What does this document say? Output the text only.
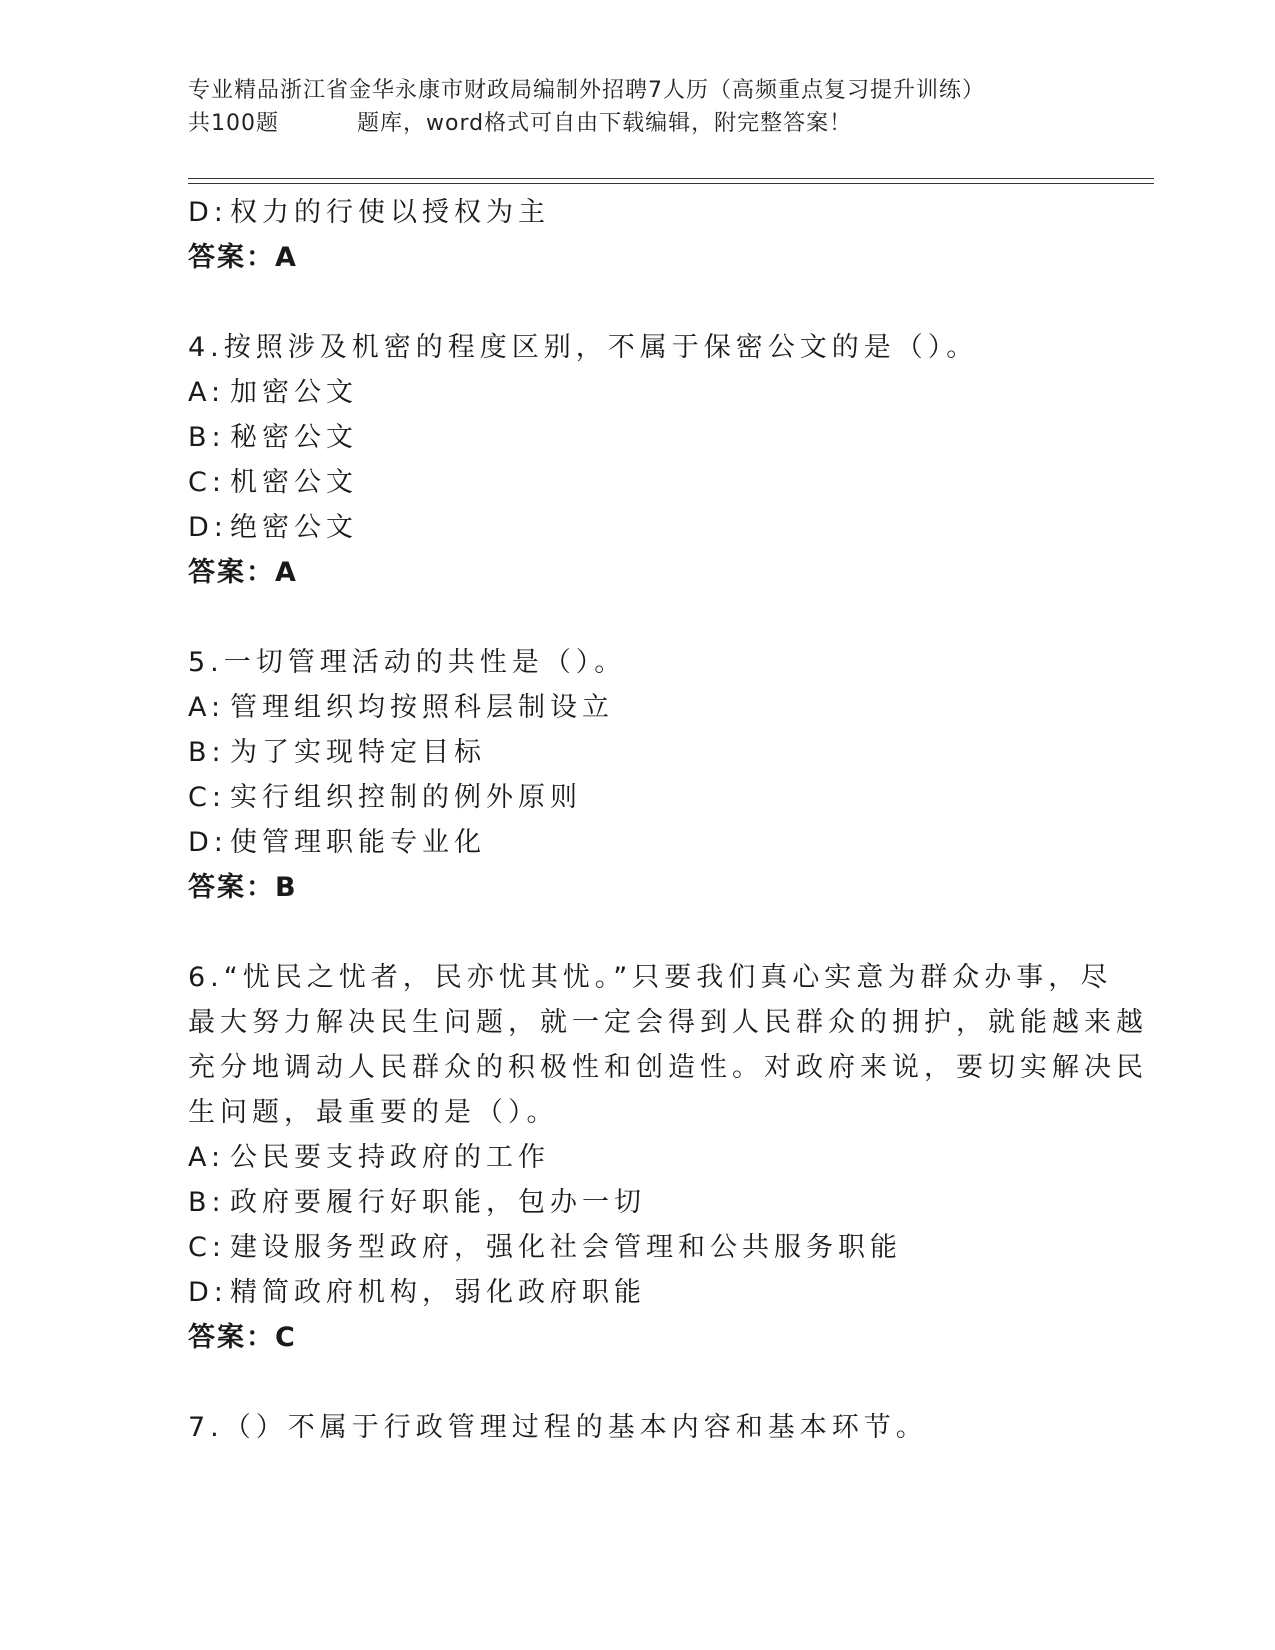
专业精品浙江省金华永康市财政局编制外招聘7人历（高频重点复习提升训练）
共100题	题库，word格式可自由下载编辑，附完整答案！
D:权力的行使以授权为主
答案：A
4.按照涉及机密的程度区别，不属于保密公文的是（）。
A: 加密公文
B: 秘密公文
C: 机密公文
D:绝密公文
答案：A
5.一切管理活动的共性是（）。
A: 管理组织均按照科层制设立
B: 为了实现特定目标
C: 实行组织控制的例外原则
D:使管理职能专业化
答案：B
6.“忧民之忧者，民亦忧其忧。”只要我们真心实意为群众办事，尽
最大努力解决民生问题，就一定会得到人民群众的拥护，就能越来越
充分地调动人民群众的积极性和创造性。对政府来说，要切实解决民
生问题，最重要的是（）。
A: 公民要支持政府的工作
B: 政府要履行好职能，包办一切
C: 建设服务型政府，强化社会管理和公共服务职能
D:精简政府机构，弱化政府职能
答案：C
7.（）不属于行政管理过程的基本内容和基本环节。
